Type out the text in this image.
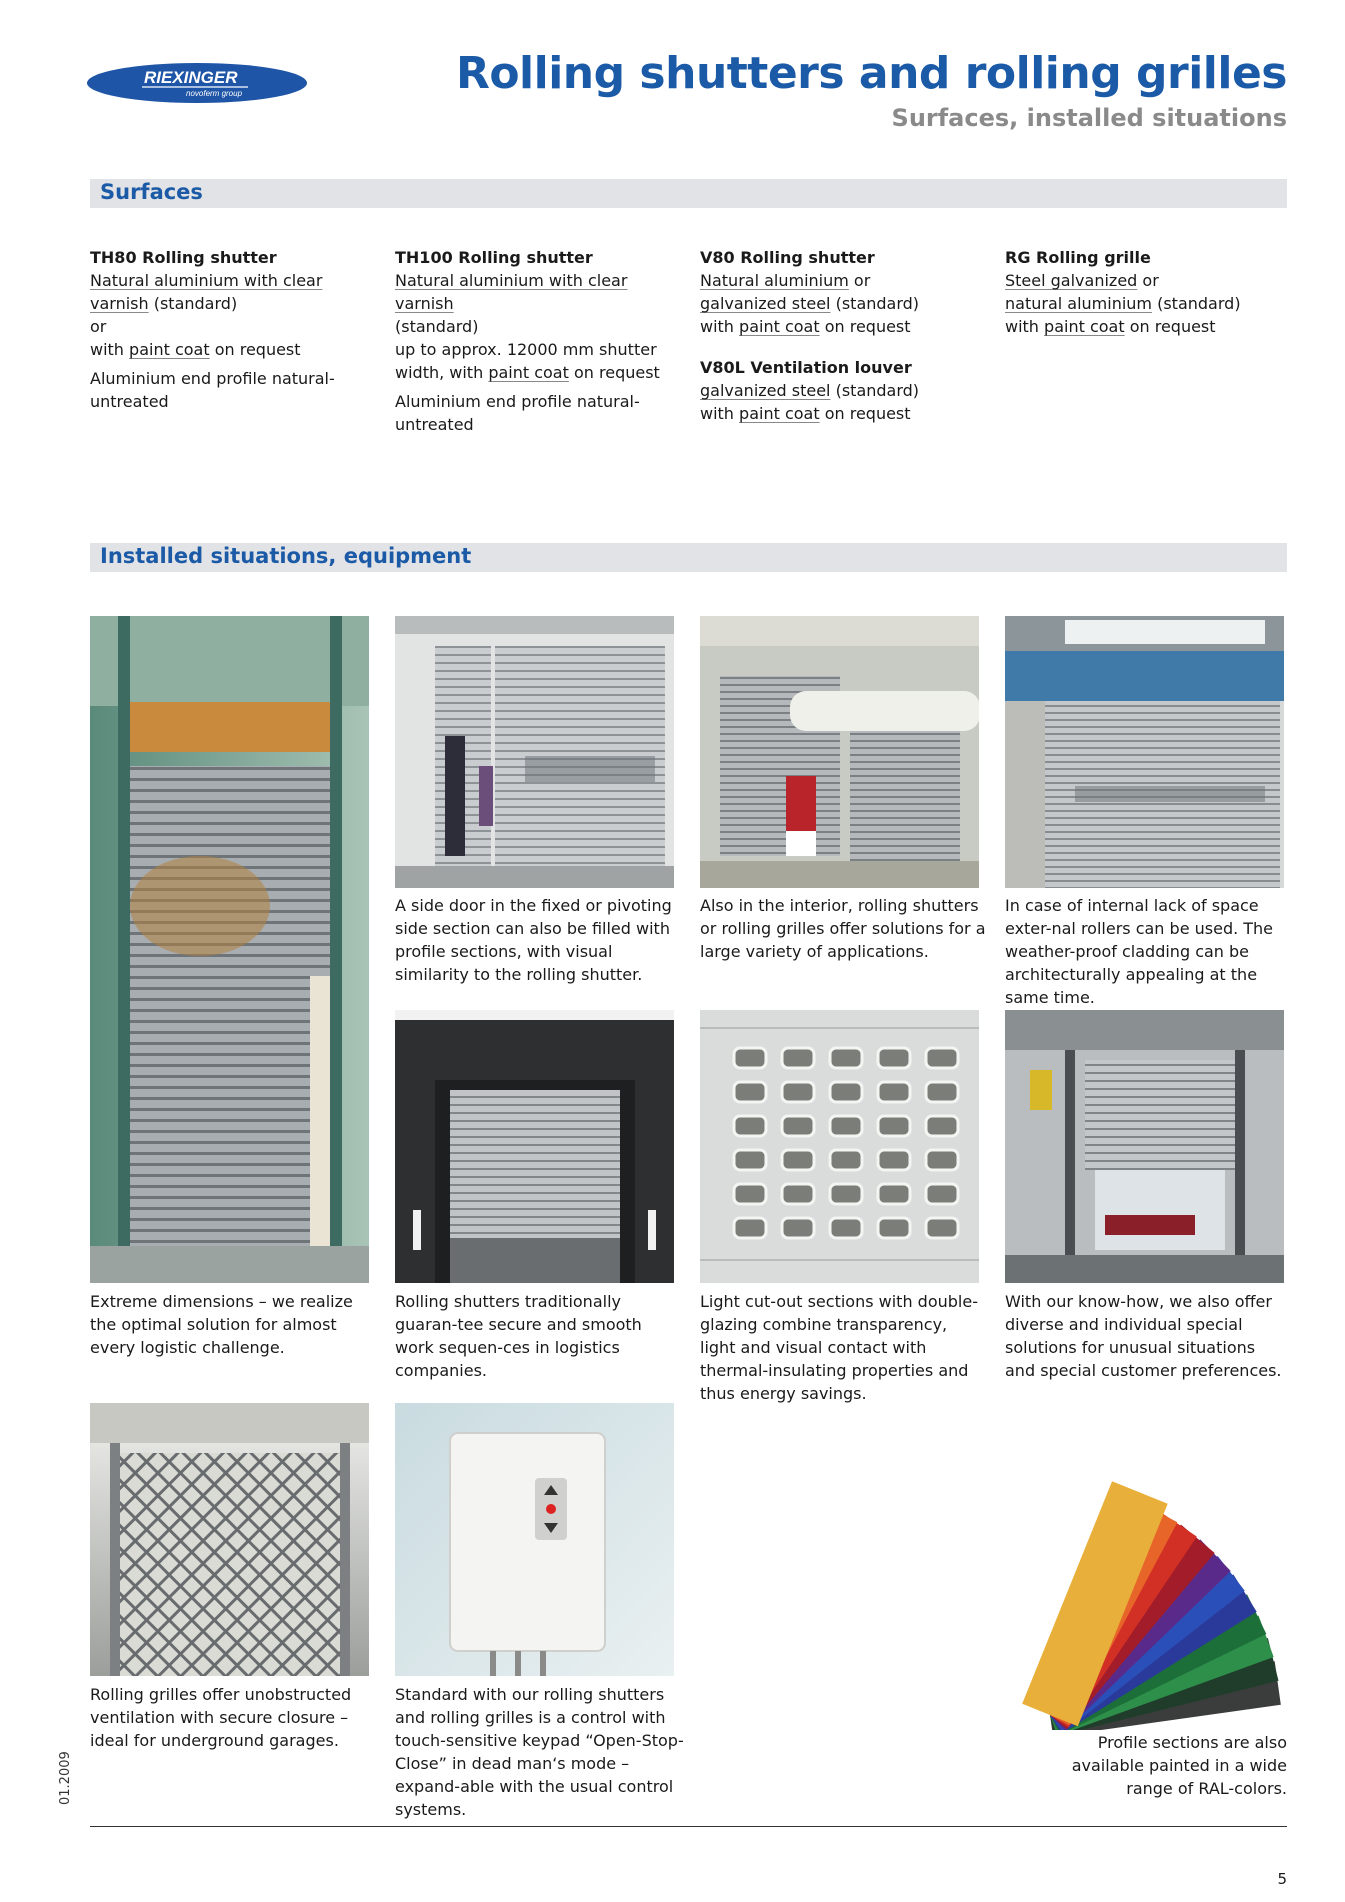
RIEXINGER
novoferm group	Rolling shutters and rolling grilles
Surfaces, installed situations
Surfaces

TH80 Rolling shutter

Natural aluminium with clear

varnish (standard)

or

with paint coat on request

Aluminium end profile natural-

untreated

TH100 Rolling shutter

Natural aluminium with clear varnish

(standard)

up to approx. 12000 mm shutter

width, with paint coat on request

Aluminium end profile natural-

untreated

V80 Rolling shutter

Natural aluminium or

galvanized steel (standard)

with paint coat on request

V80L Ventilation louver

galvanized steel (standard)

with paint coat on request

RG Rolling grille

Steel galvanized or

natural aluminium (standard)

with paint coat on request

Installed situations, equipment
A side door in the fixed or pivoting side section can also be filled with profile sections, with visual similarity to the rolling shutter.
Also in the interior, rolling shutters or rolling grilles offer solutions for a large variety of applications.
In case of internal lack of space exter-nal rollers can be used. The weather-proof cladding can be architecturally appealing at the same time.
Extreme dimensions – we realize the optimal solution for almost every logistic challenge.
Rolling shutters traditionally guaran-tee secure and smooth work sequen-ces in logistics companies.
Light cut-out sections with double-glazing combine transparency, light and visual contact with thermal-insulating properties and thus energy savings.
With our know-how, we also offer diverse and individual special solutions for unusual situations and special customer preferences.
Rolling grilles offer unobstructed ventilation with secure closure – ideal for underground garages.
Standard with our rolling shutters and rolling grilles is a control with touch-sensitive keypad “Open-Stop-Close” in dead man‘s mode – expand-able with the usual control systems.
Profile sections are also available painted in a wide range of RAL-colors.
01.2009
5
